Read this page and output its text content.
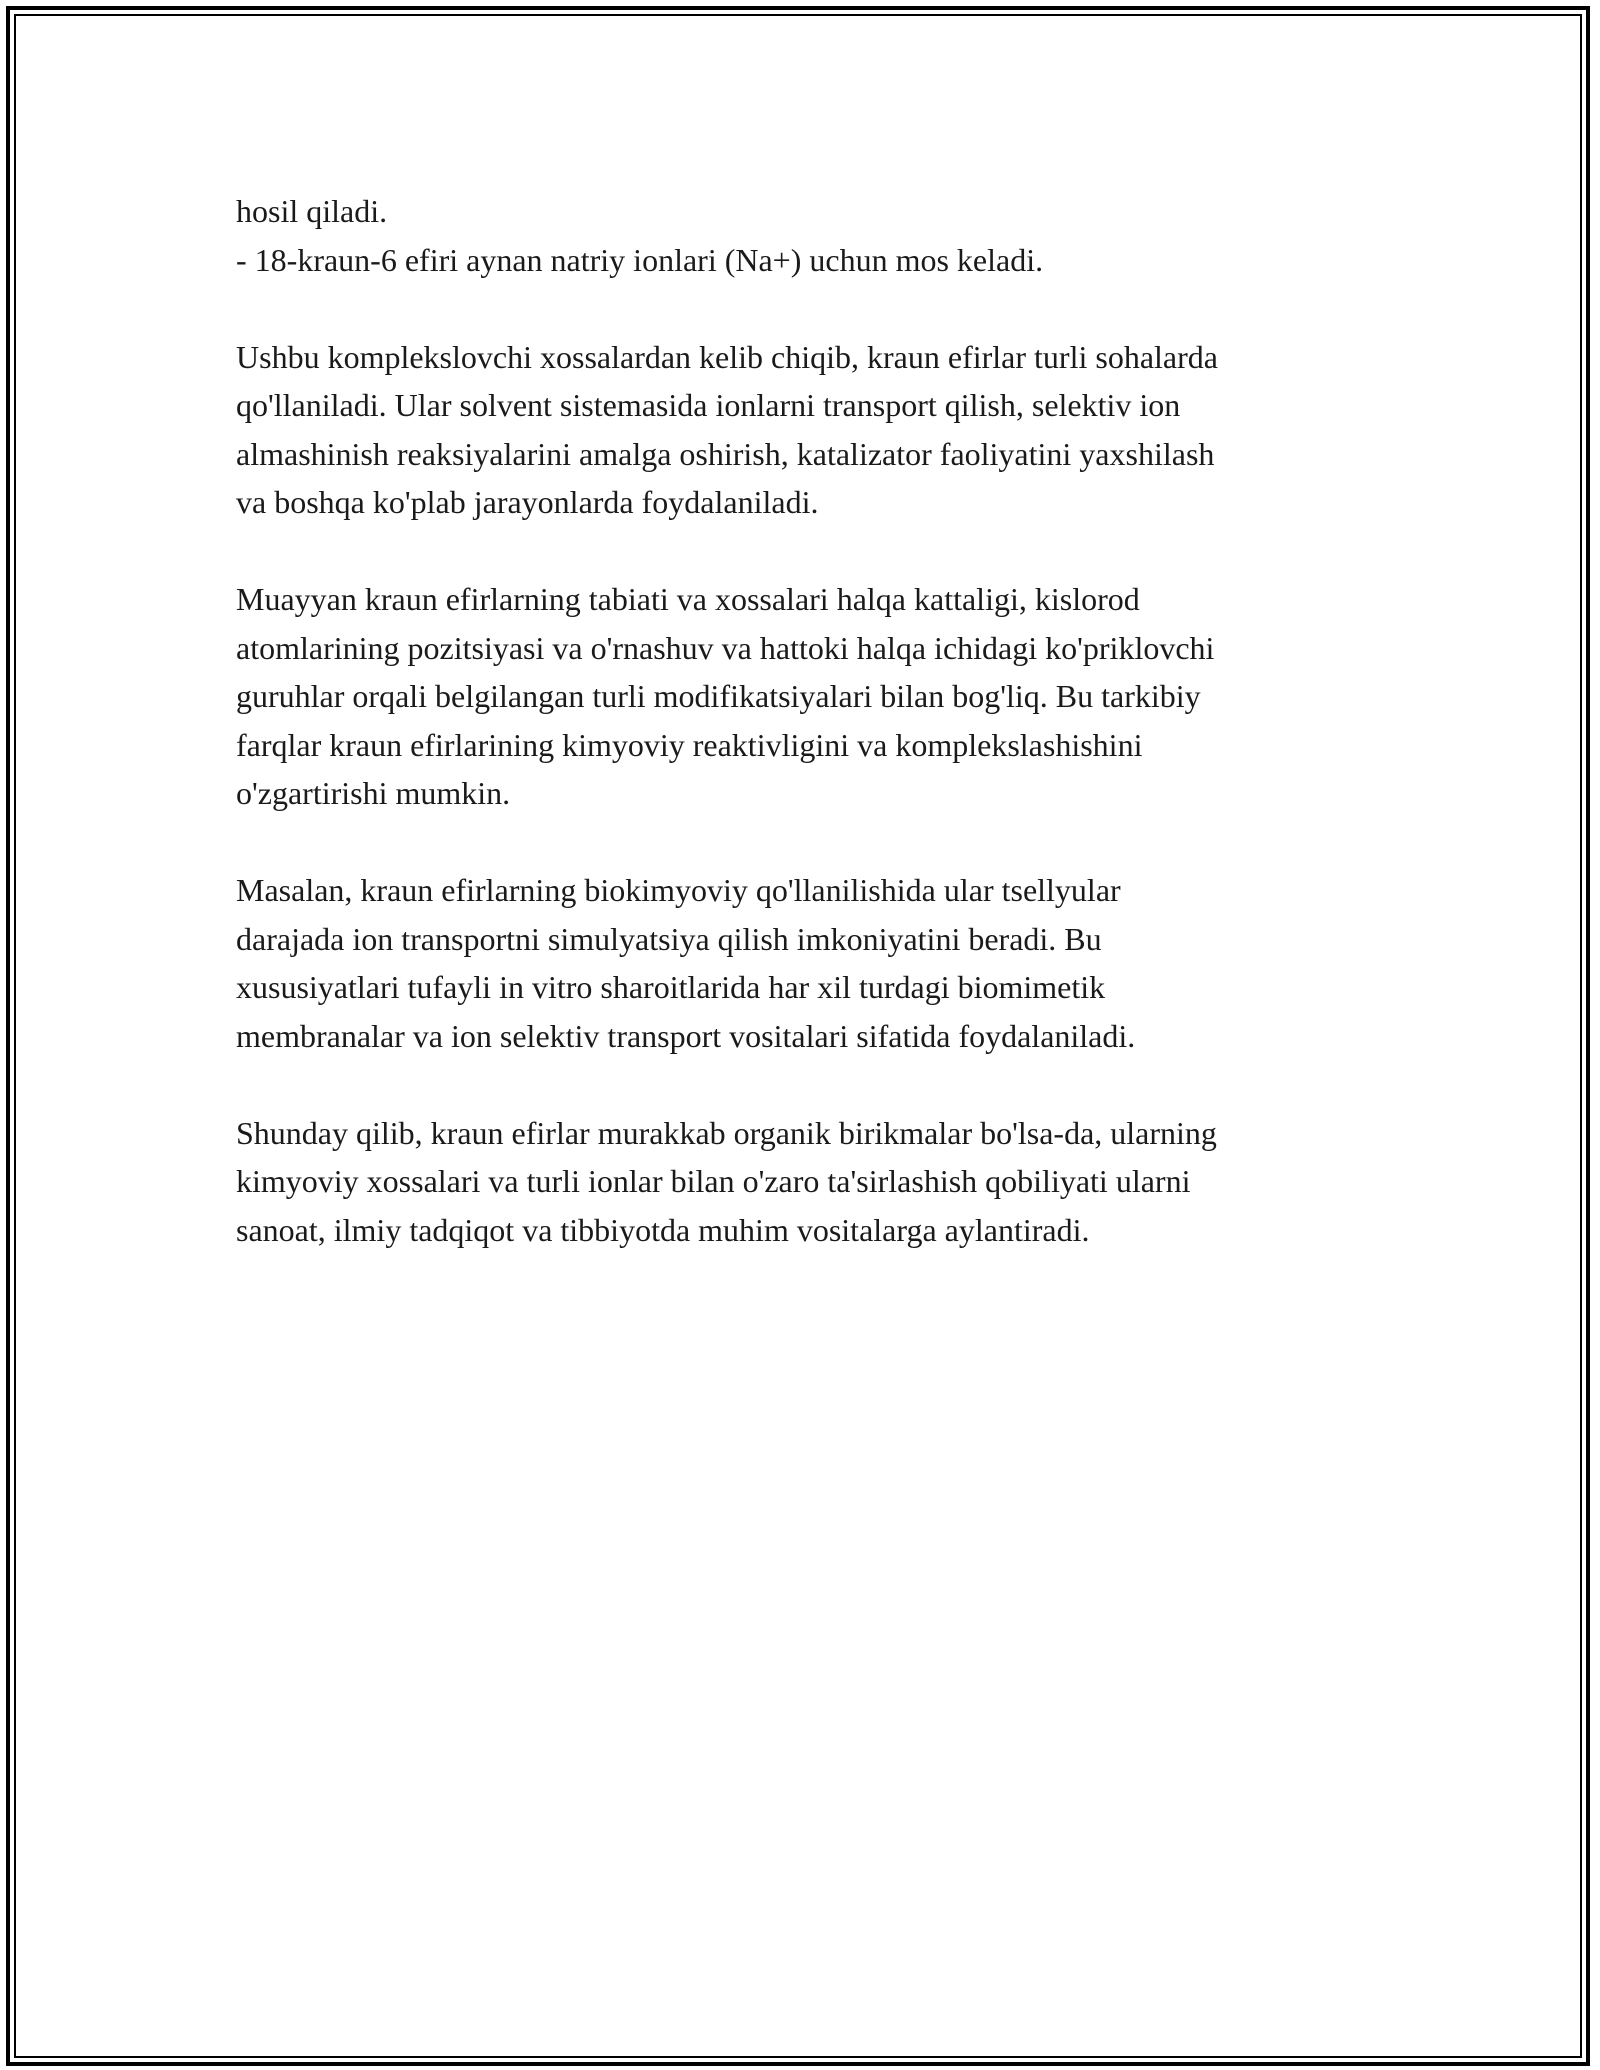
hosil qiladi.

- 18-kraun-6 efiri aynan natriy ionlari (Na+) uchun mos keladi.

Ushbu komplekslovchi xossalardan kelib chiqib, kraun efirlar turli sohalarda

qo'llaniladi. Ular solvent sistemasida ionlarni transport qilish, selektiv ion

almashinish reaksiyalarini amalga oshirish, katalizator faoliyatini yaxshilash

va boshqa ko'plab jarayonlarda foydalaniladi.

Muayyan kraun efirlarning tabiati va xossalari halqa kattaligi, kislorod

atomlarining pozitsiyasi va o'rnashuv va hattoki halqa ichidagi ko'priklovchi

guruhlar orqali belgilangan turli modifikatsiyalari bilan bog'liq. Bu tarkibiy

farqlar kraun efirlarining kimyoviy reaktivligini va komplekslashishini

o'zgartirishi mumkin.

Masalan, kraun efirlarning biokimyoviy qo'llanilishida ular tsellyular

darajada ion transportni simulyatsiya qilish imkoniyatini beradi. Bu

xususiyatlari tufayli in vitro sharoitlarida har xil turdagi biomimetik

membranalar va ion selektiv transport vositalari sifatida foydalaniladi.

Shunday qilib, kraun efirlar murakkab organik birikmalar bo'lsa-da, ularning

kimyoviy xossalari va turli ionlar bilan o'zaro ta'sirlashish qobiliyati ularni

sanoat, ilmiy tadqiqot va tibbiyotda muhim vositalarga aylantiradi.
